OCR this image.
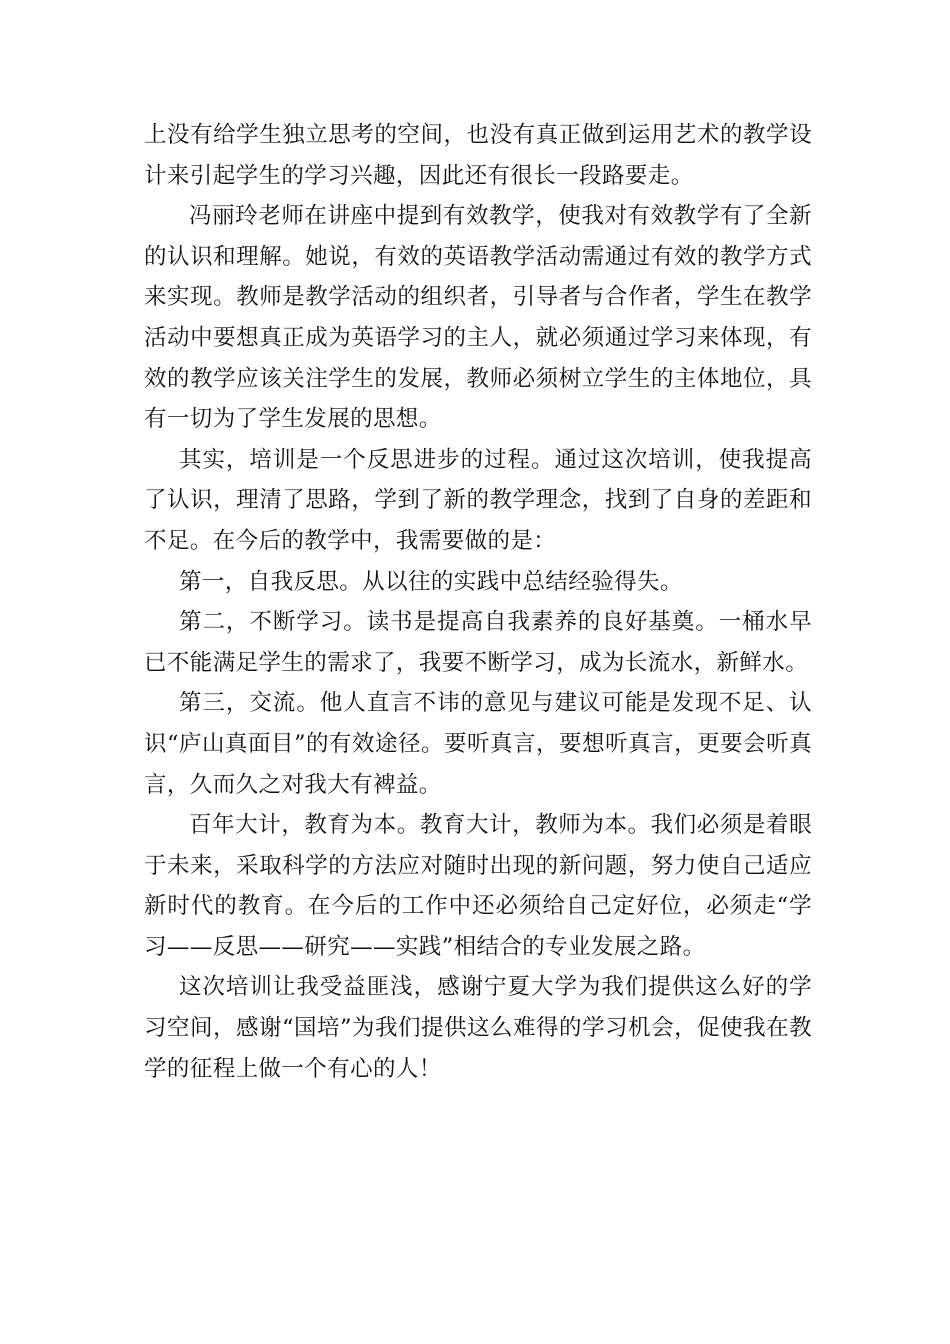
上没有给学生独立思考的空间，也没有真正做到运用艺术的教学设计来引起学生的学习兴趣，因此还有很长一段路要走。

冯丽玲老师在讲座中提到有效教学，使我对有效教学有了全新的认识和理解。她说，有效的英语教学活动需通过有效的教学方式来实现。教师是教学活动的组织者，引导者与合作者，学生在教学活动中要想真正成为英语学习的主人，就必须通过学习来体现，有效的教学应该关注学生的发展，教师必须树立学生的主体地位，具有一切为了学生发展的思想。

其实，培训是一个反思进步的过程。通过这次培训，使我提高了认识，理清了思路，学到了新的教学理念，找到了自身的差距和不足。在今后的教学中，我需要做的是：

第一，自我反思。从以往的实践中总结经验得失。

第二，不断学习。读书是提高自我素养的良好基奠。一桶水早已不能满足学生的需求了，我要不断学习，成为长流水，新鲜水。

第三，交流。他人直言不讳的意见与建议可能是发现不足、认识“庐山真面目”的有效途径。要听真言，要想听真言，更要会听真言，久而久之对我大有裨益。

百年大计，教育为本。教育大计，教师为本。我们必须是着眼于未来，采取科学的方法应对随时出现的新问题，努力使自己适应新时代的教育。在今后的工作中还必须给自己定好位，必须走“学习——反思——研究——实践”相结合的专业发展之路。

这次培训让我受益匪浅，感谢宁夏大学为我们提供这么好的学习空间，感谢“国培”为我们提供这么难得的学习机会，促使我在教学的征程上做一个有心的人！
